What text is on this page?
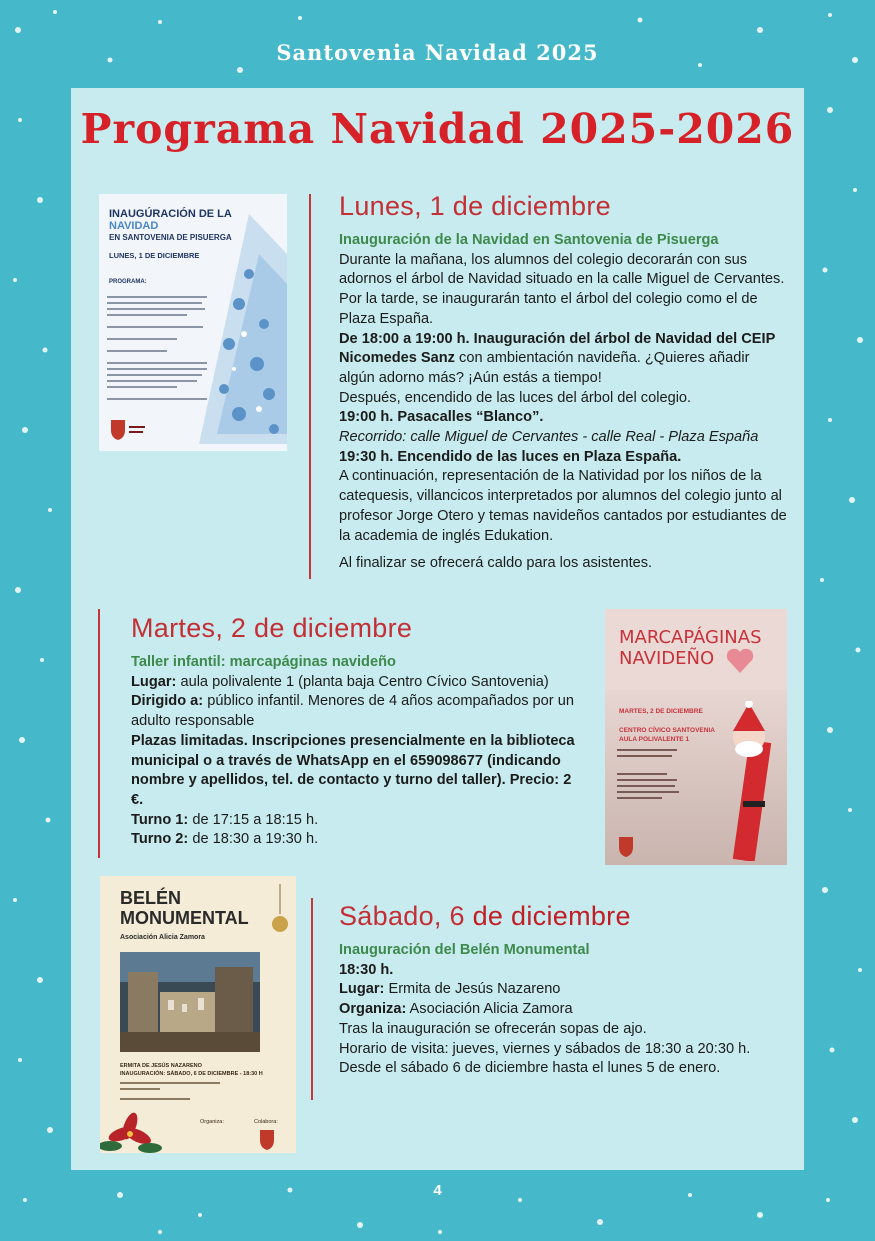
Santovenia Navidad 2025
Programa Navidad 2025-2026
INAUGÚRACIÓN DE LA
NAVIDAD
EN SANTOVENIA DE PISUERGA
LUNES, 1 DE DICIEMBRE
PROGRAMA:
Lunes, 1 de diciembre
Inauguración de la Navidad en Santovenia de Pisuerga
Durante la mañana, los alumnos del colegio decorarán con sus adornos el árbol de Navidad situado en la calle Miguel de Cervantes. Por la tarde, se inaugurarán tanto el árbol del colegio como el de Plaza España.
De 18:00 a 19:00 h. Inauguración del árbol de Navidad del CEIP Nicomedes Sanz con ambientación navideña. ¿Quieres añadir algún adorno más? ¡Aún estás a tiempo!
Después, encendido de las luces del árbol del colegio.
19:00 h. Pasacalles “Blanco”.
Recorrido: calle Miguel de Cervantes - calle Real - Plaza España
19:30 h. Encendido de las luces en Plaza España.
A continuación, representación de la Natividad por los niños de la catequesis, villancicos interpretados por alumnos del colegio junto al profesor Jorge Otero y temas navideños cantados por estudiantes de la academia de inglés Edukation.
Al finalizar se ofrecerá caldo para los asistentes.
Martes, 2 de diciembre
Taller infantil: marcapáginas navideño
Lugar: aula polivalente 1 (planta baja Centro Cívico Santovenia)
Dirigido a: público infantil. Menores de 4 años acompañados por un adulto responsable
Plazas limitadas. Inscripciones presencialmente en la biblioteca municipal o a través de WhatsApp en el 659098677 (indicando nombre y apellidos, tel. de contacto y turno del taller). Precio: 2 €.
Turno 1: de 17:15 a 18:15 h.
Turno 2: de 18:30 a 19:30 h.
MARCAPÁGINAS
NAVIDEÑO
MARTES, 2 DE DICIEMBRE
CENTRO CÍVICO SANTOVENIA
AULA POLIVALENTE 1
BELÉN
MONUMENTAL
Asociación Alicia Zamora
ERMITA DE JESÚS NAZARENO
INAUGURACIÓN: SÁBADO, 6 DE DICIEMBRE - 18:30 H
Organiza:	Colabora:
Sábado, 6 de diciembre
Inauguración del Belén Monumental
18:30 h.
Lugar: Ermita de Jesús Nazareno
Organiza: Asociación Alicia Zamora
Tras la inauguración se ofrecerán sopas de ajo.
Horario de visita: jueves, viernes y sábados de 18:30 a 20:30 h.
Desde el sábado 6 de diciembre hasta el lunes 5 de enero.
4
